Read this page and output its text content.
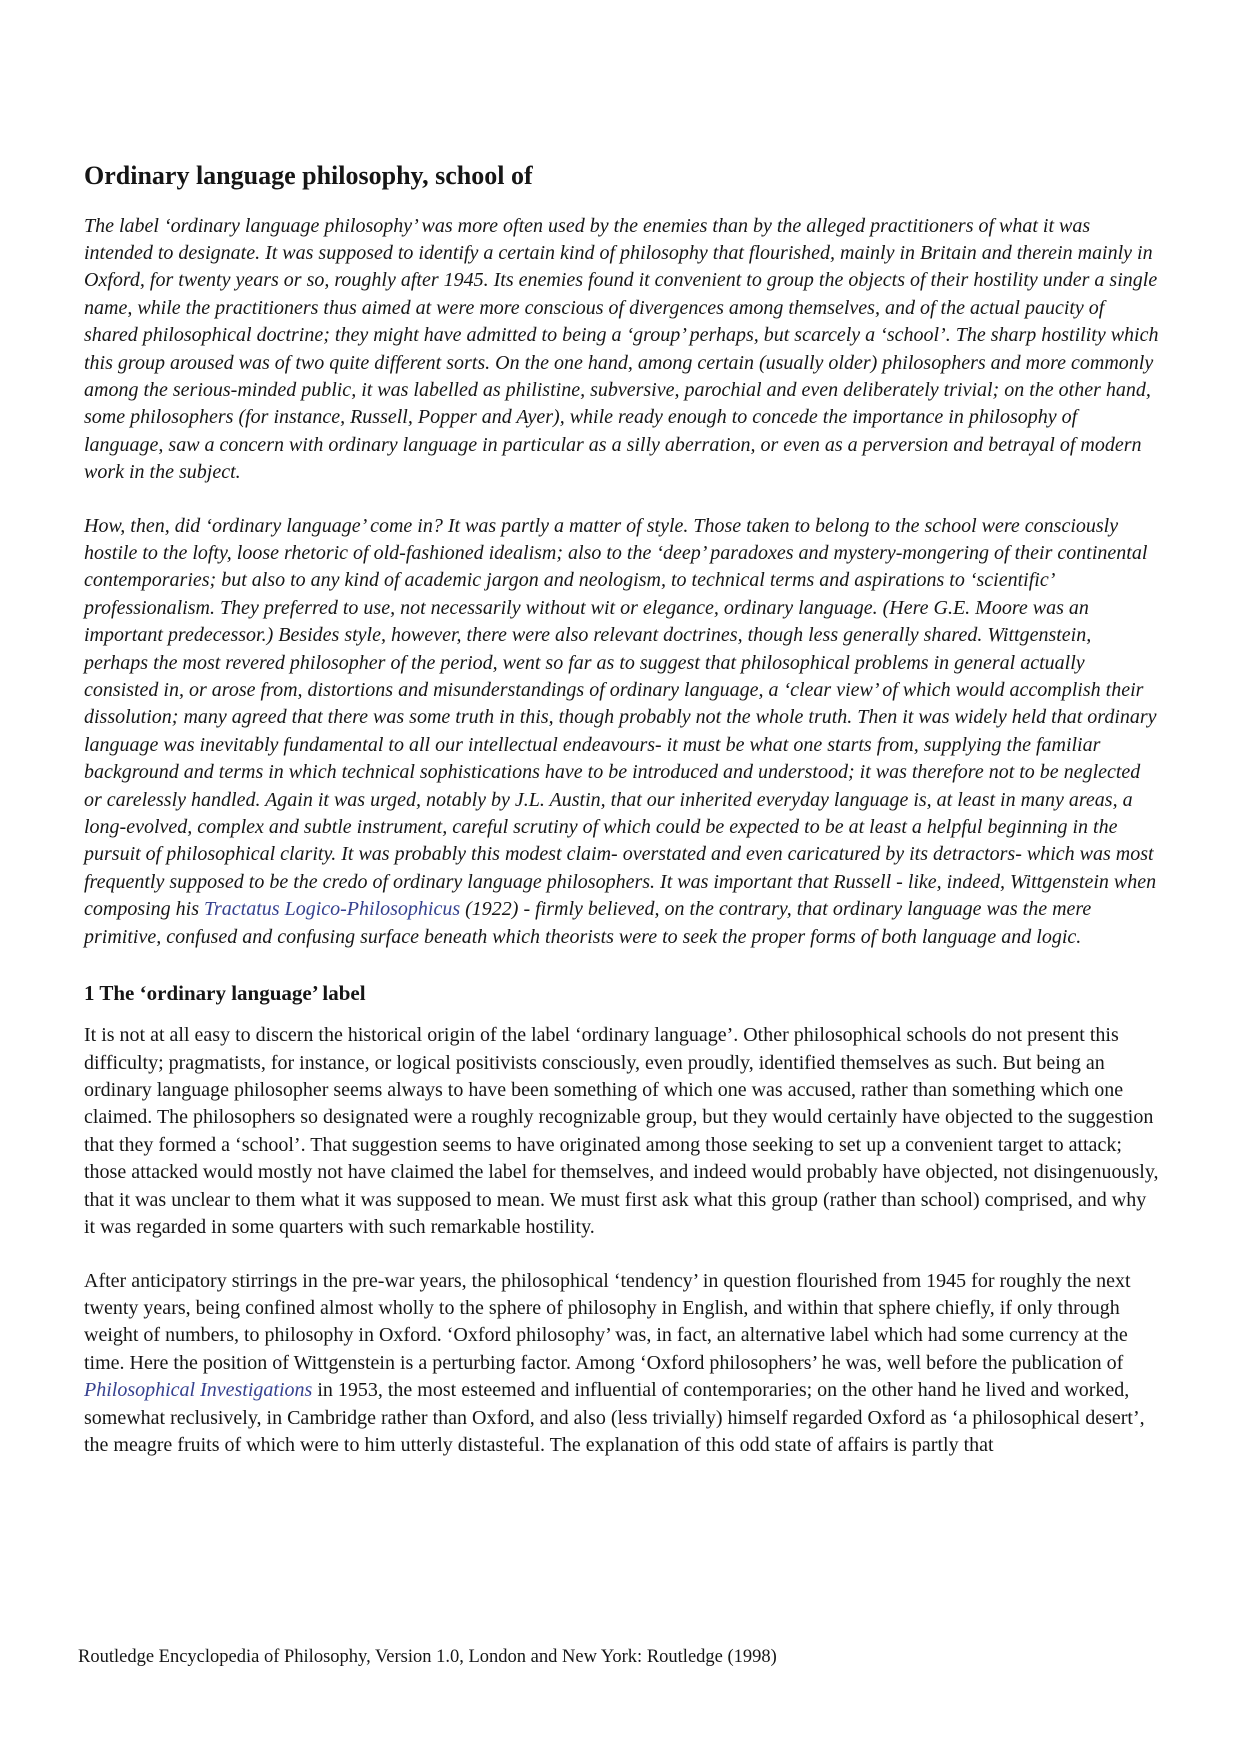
Ordinary language philosophy, school of

The label ‘ordinary language philosophy’ was more often used by the enemies than by the alleged practitioners of what it was intended to designate. It was supposed to identify a certain kind of philosophy that flourished, mainly in Britain and therein mainly in Oxford, for twenty years or so, roughly after 1945. Its enemies found it convenient to group the objects of their hostility under a single name, while the practitioners thus aimed at were more conscious of divergences among themselves, and of the actual paucity of shared philosophical doctrine; they might have admitted to being a ‘group’ perhaps, but scarcely a ‘school’. The sharp hostility which this group aroused was of two quite different sorts. On the one hand, among certain (usually older) philosophers and more commonly among the serious-minded public, it was labelled as philistine, subversive, parochial and even deliberately trivial; on the other hand, some philosophers (for instance, Russell, Popper and Ayer), while ready enough to concede the importance in philosophy of language, saw a concern with ordinary language in particular as a silly aberration, or even as a perversion and betrayal of modern work in the subject.

How, then, did ‘ordinary language’ come in? It was partly a matter of style. Those taken to belong to the school were consciously hostile to the lofty, loose rhetoric of old-fashioned idealism; also to the ‘deep’ paradoxes and mystery-mongering of their continental contemporaries; but also to any kind of academic jargon and neologism, to technical terms and aspirations to ‘scientific’ professionalism. They preferred to use, not necessarily without wit or elegance, ordinary language. (Here G.E. Moore was an important predecessor.) Besides style, however, there were also relevant doctrines, though less generally shared. Wittgenstein, perhaps the most revered philosopher of the period, went so far as to suggest that philosophical problems in general actually consisted in, or arose from, distortions and misunderstandings of ordinary language, a ‘clear view’ of which would accomplish their dissolution; many agreed that there was some truth in this, though probably not the whole truth. Then it was widely held that ordinary language was inevitably fundamental to all our intellectual endeavours- it must be what one starts from, supplying the familiar background and terms in which technical sophistications have to be introduced and understood; it was therefore not to be neglected or carelessly handled. Again it was urged, notably by J.L. Austin, that our inherited everyday language is, at least in many areas, a long-evolved, complex and subtle instrument, careful scrutiny of which could be expected to be at least a helpful beginning in the pursuit of philosophical clarity. It was probably this modest claim- overstated and even caricatured by its detractors- which was most frequently supposed to be the credo of ordinary language philosophers. It was important that Russell - like, indeed, Wittgenstein when composing his Tractatus Logico-Philosophicus (1922) - firmly believed, on the contrary, that ordinary language was the mere primitive, confused and confusing surface beneath which theorists were to seek the proper forms of both language and logic.

1 The ‘ordinary language’ label

It is not at all easy to discern the historical origin of the label ‘ordinary language’. Other philosophical schools do not present this difficulty; pragmatists, for instance, or logical positivists consciously, even proudly, identified themselves as such. But being an ordinary language philosopher seems always to have been something of which one was accused, rather than something which one claimed. The philosophers so designated were a roughly recognizable group, but they would certainly have objected to the suggestion that they formed a ‘school’. That suggestion seems to have originated among those seeking to set up a convenient target to attack; those attacked would mostly not have claimed the label for themselves, and indeed would probably have objected, not disingenuously, that it was unclear to them what it was supposed to mean. We must first ask what this group (rather than school) comprised, and why it was regarded in some quarters with such remarkable hostility.

After anticipatory stirrings in the pre-war years, the philosophical ‘tendency’ in question flourished from 1945 for roughly the next twenty years, being confined almost wholly to the sphere of philosophy in English, and within that sphere chiefly, if only through weight of numbers, to philosophy in Oxford. ‘Oxford philosophy’ was, in fact, an alternative label which had some currency at the time. Here the position of Wittgenstein is a perturbing factor. Among ‘Oxford philosophers’ he was, well before the publication of Philosophical Investigations in 1953, the most esteemed and influential of contemporaries; on the other hand he lived and worked, somewhat reclusively, in Cambridge rather than Oxford, and also (less trivially) himself regarded Oxford as ‘a philosophical desert’, the meagre fruits of which were to him utterly distasteful. The explanation of this odd state of affairs is partly that

Routledge Encyclopedia of Philosophy, Version 1.0, London and New York: Routledge (1998)
